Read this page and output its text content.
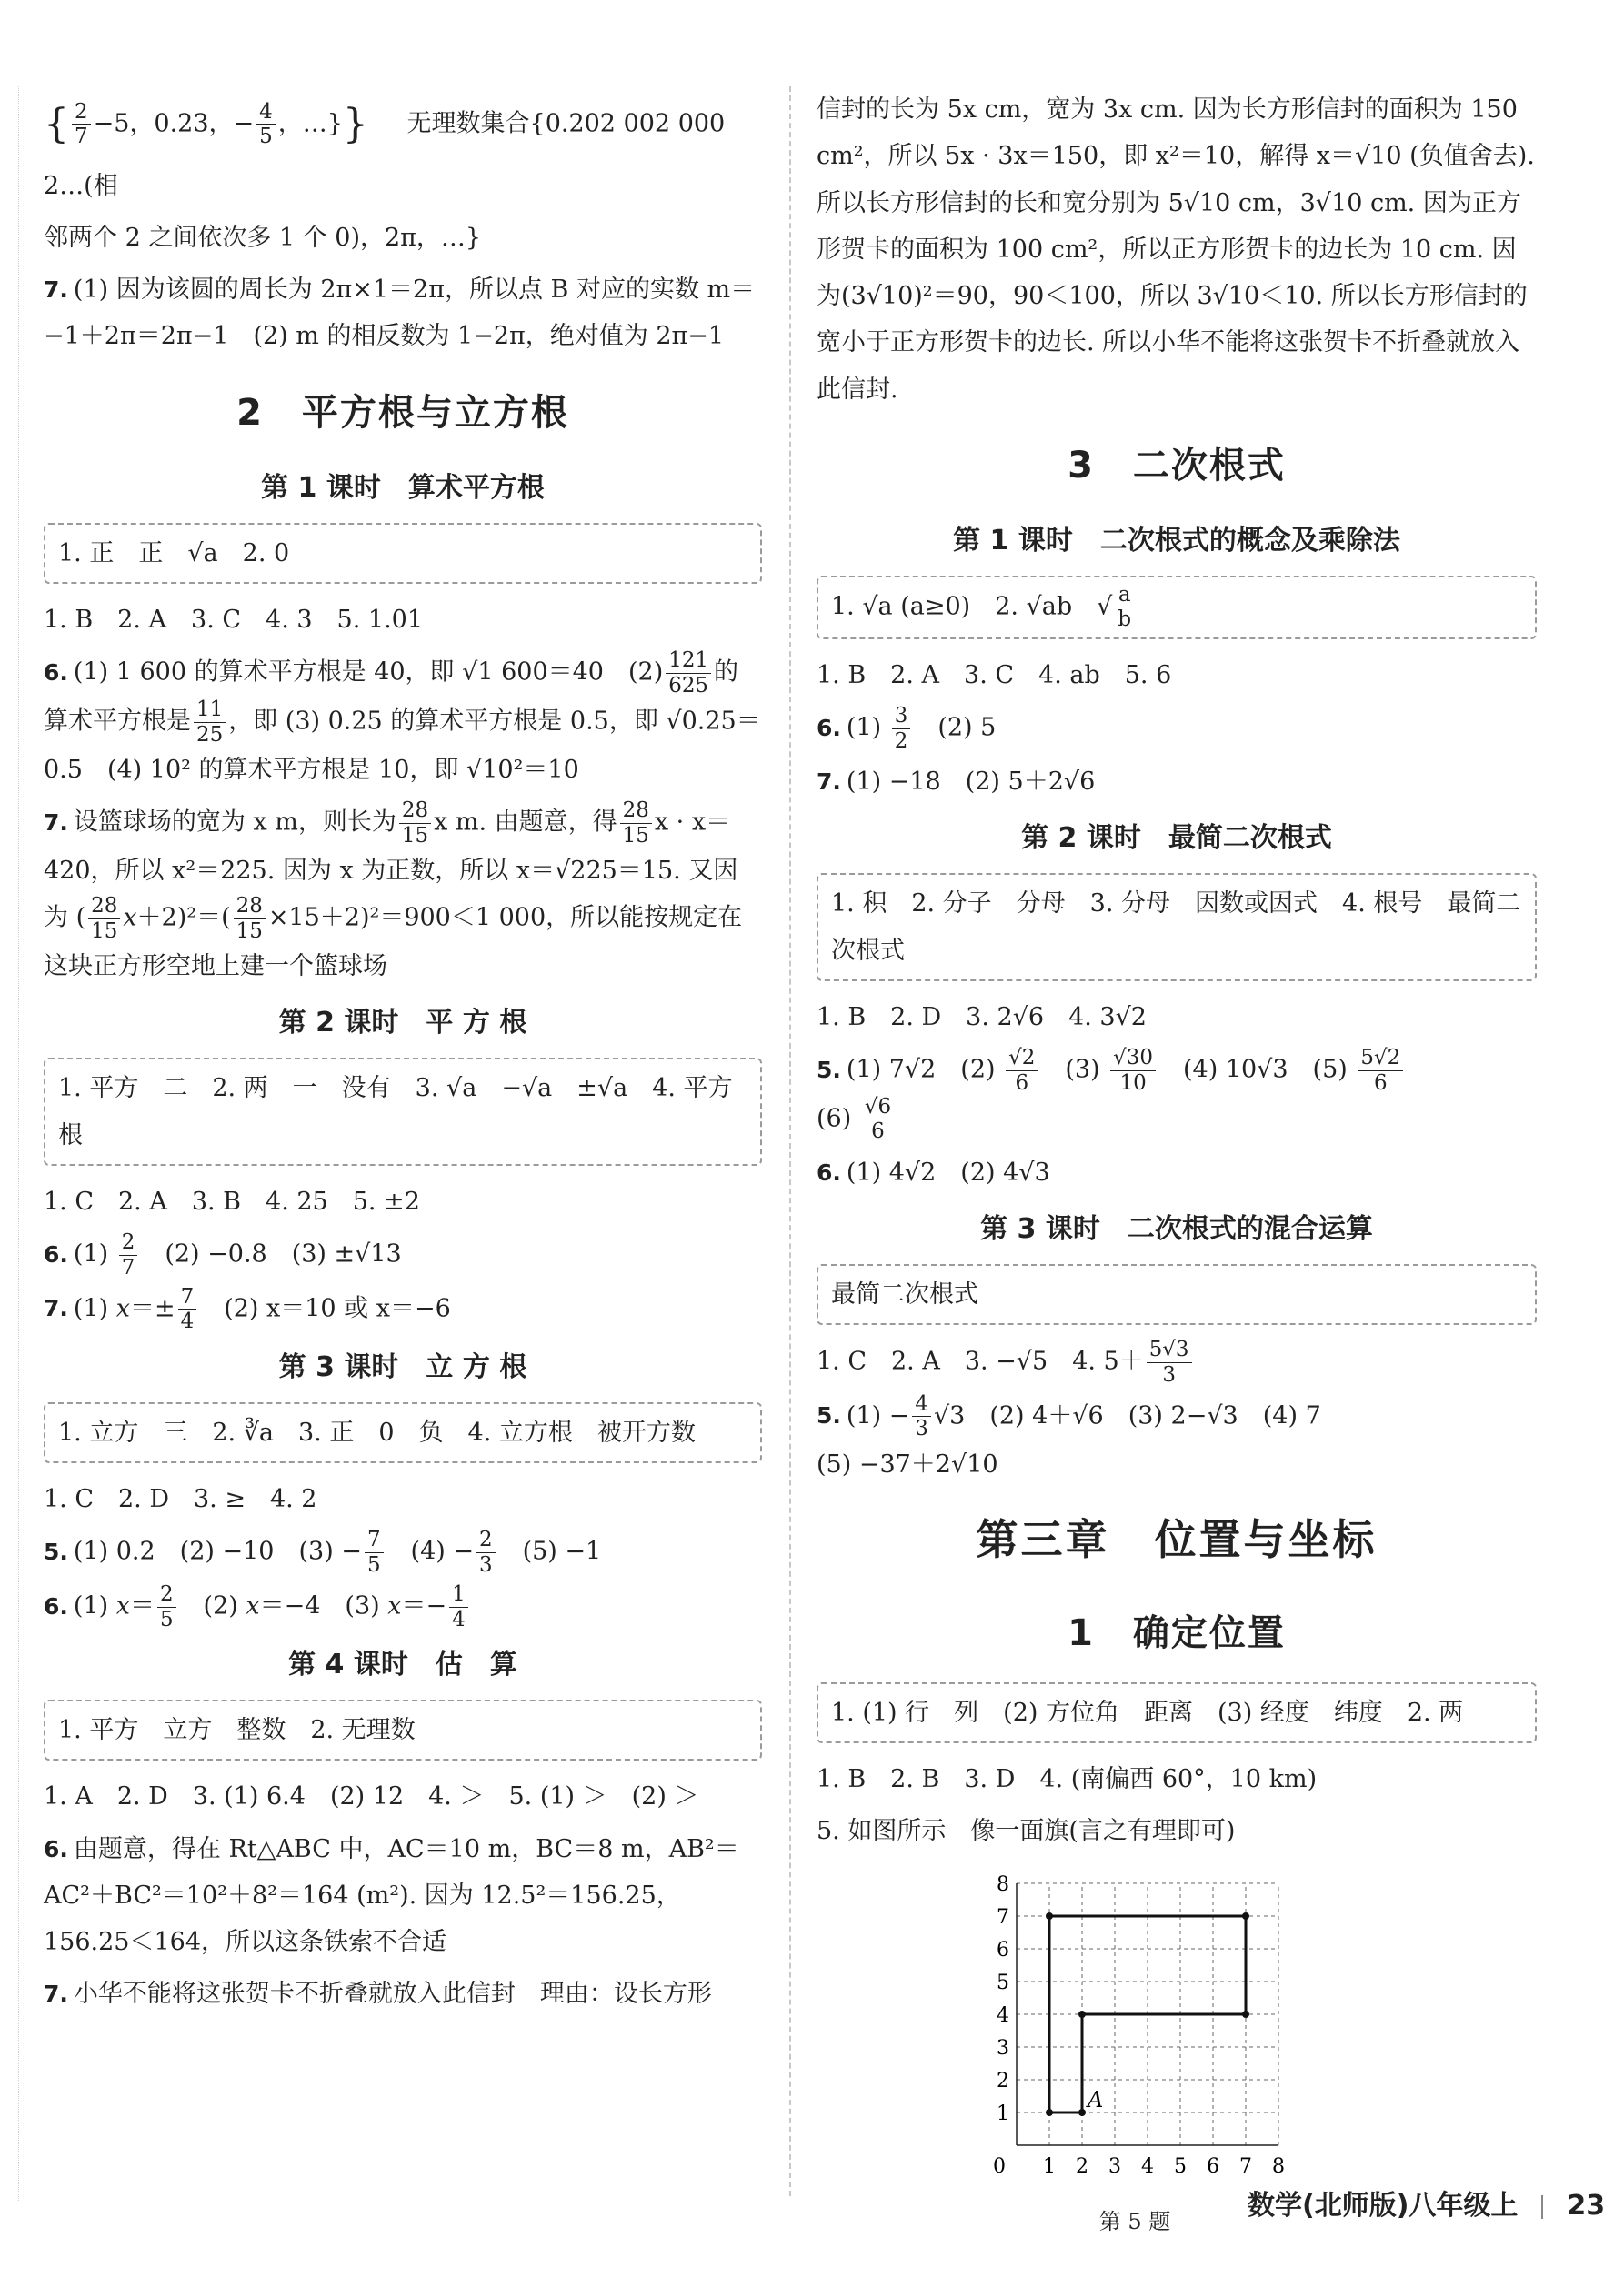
{ $\frac{2}{7} -5$，0.23，− $\frac{4}{5}$ ，…}} 无理数集合{0.202 002 000 2…(相

邻两个 2 之间依次多 1 个 0)，2π，…}

7. (1) 因为该圆的周长为 2π×1＝2π，所以点 B 对应的实数 m＝−1＋2π＝2π−1　(2) m 的相反数为 1−2π，绝对值为 2π−1

2　平方根与立方根
第 1 课时　算术平方根
1. 正　正　√a　2. 0

1. B　2. A　3. C　4. 3　5. 1.01

6. (1) 1 600 的算术平方根是 40，即 √1 600＝40　$(2) \frac{121}{625}$ 的算术平方根是 $\frac{11}{25}$ ，即 (3) 0.25 的算术平方根是 0.5，即 √0.25＝0.5　(4) 10² 的算术平方根是 10，即 √10²＝10

7. 设篮球场的宽为 x m，则长为 $\frac{28}{15}$ x m. 由题意，得 $\frac{28}{15}$ x · x＝420，所以 x²＝225. 因为 x 为正数，所以 x＝√225＝15. 又因为 ( $\frac{28}{15} x+2)^2=( \frac{28}{15} \times 15+2)^2=900<1$ 000，所以能按规定在这块正方形空地上建一个篮球场

第 2 课时　平 方 根
1. 平方　二　2. 两　一　没有　3. √a　−√a　±√a　4. 平方根

1. C　2. A　3. B　4. 25　5. ±2

6. $(1) \frac{2}{7}$
　 (2) −0.8　(3) ±√13

7. (1) $x=\pm \frac{7}{4}$
　 (2) x＝10 或 x＝−6

第 3 课时　立 方 根
1. 立方　三　2. ∛a　3. 正　0　负　4. 立方根　被开方数

1. C　2. D　3. ≥　4. 2

5. (1) 0.2　(2) −10　$(3) - \frac{7}{5}$ 　$(4) - \frac{2}{3}$ 　(5) −1

6. (1) $x= \frac{2}{5}$ 　(2) x＝−4　(3) $x=- \frac{1}{4}$

第 4 课时　估　算
1. 平方　立方　整数　2. 无理数

1. A　2. D　3. (1) 6.4　(2) 12　4. ＞　5. (1) ＞　(2) ＞

6. 由题意，得在 Rt△ABC 中，AC＝10 m，BC＝8 m，AB²＝AC²＋BC²＝10²＋8²＝164 (m²). 因为 12.5²＝156.25，156.25＜164，所以这条铁索不合适

7. 小华不能将这张贺卡不折叠就放入此信封　理由：设长方形

信封的长为 5x cm，宽为 3x cm. 因为长方形信封的面积为 150 cm²，所以 5x · 3x＝150，即 x²＝10，解得 x＝√10 (负值舍去). 所以长方形信封的长和宽分别为 5√10 cm，3√10 cm. 因为正方形贺卡的面积为 100 cm²，所以正方形贺卡的边长为 10 cm. 因为(3√10)²＝90，90＜100，所以 3√10＜10. 所以长方形信封的宽小于正方形贺卡的边长. 所以小华不能将这张贺卡不折叠就放入此信封.

3　二次根式
第 1 课时　二次根式的概念及乘除法
1. √a (a≥0)　2. √ab　√ $\frac{a}{b}$

1. B　2. A　3. C　4. ab　5. 6

6. $(1) \frac{3}{2}$
　 (2) 5

7. (1) −18　(2) 5＋2√6

第 2 课时　最简二次根式
1. 积　2. 分子　分母　3. 分母　因数或因式　4. 根号　最简二次根式

1. B　2. D　3. 2√6　4. 3√2

5. (1) 7√2　$(2) \frac{√2}{6}$ 　$(3) \frac{√30}{10}$
　 (4) 10√3　$(5) \frac{5√2}{6}$

$(6) \frac{√6}{6}$

6. (1) 4√2　(2) 4√3

第 3 课时　二次根式的混合运算
最简二次根式

1. C　2. A　3. −√5　4. $5+ \frac{5√3}{3}$

5. $(1) - \frac{4}{3} √3$　(2) 4＋√6　(3) 2−√3　(4) 7
(5) −37＋2√10

第三章　位置与坐标
1　确定位置
1. (1) 行　列　(2) 方位角　距离　(3) 经度　纬度　2. 两

1. B　2. B　3. D　4. (南偏西 60°，10 km)

5. 如图所示　像一面旗(言之有理即可)

0 1
1
2
2
3
3
4
4
5
5
6
6
7
7
8
8
A
第 5 题	数学(北师版)八年级上 23
